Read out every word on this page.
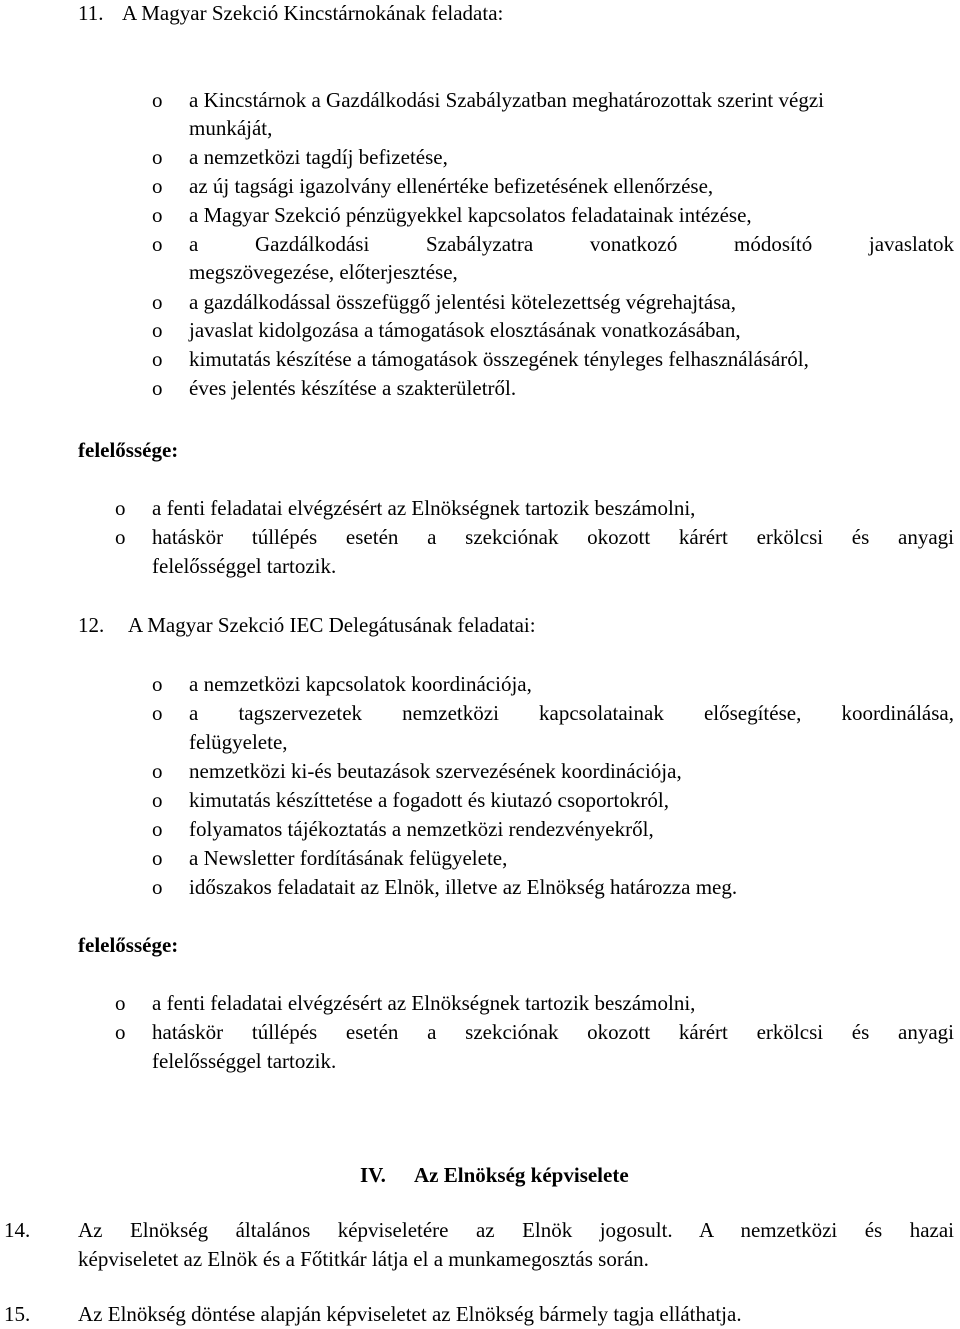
11. A Magyar Szekció Kincstárnokának feladata:
o a Kincstárnok a Gazdálkodási Szabályzatban meghatározottak szerint végzi
munkáját,
o a nemzetközi tagdíj befizetése,
o az új tagsági igazolvány ellenértéke befizetésének ellenőrzése,
o a Magyar Szekció pénzügyekkel kapcsolatos feladatainak intézése,
o a Gazdálkodási Szabályzatra vonatkozó módosító javaslatok
megszövegezése, előterjesztése,
o a gazdálkodással összefüggő jelentési kötelezettség végrehajtása,
o javaslat kidolgozása a támogatások elosztásának vonatkozásában,
o kimutatás készítése a támogatások összegének tényleges felhasználásáról,
o éves jelentés készítése a szakterületről.
felelőssége:
o a fenti feladatai elvégzésért az Elnökségnek tartozik beszámolni,
o hatáskör túllépés esetén a szekciónak okozott kárért erkölcsi és anyagi
felelősséggel tartozik.
12. A Magyar Szekció IEC Delegátusának feladatai:
o a nemzetközi kapcsolatok koordinációja,
o a tagszervezetek nemzetközi kapcsolatainak elősegítése, koordinálása,
felügyelete,
o nemzetközi ki-és beutazások szervezésének koordinációja,
o kimutatás készíttetése a fogadott és kiutazó csoportokról,
o folyamatos tájékoztatás a nemzetközi rendezvényekről,
o a Newsletter fordításának felügyelete,
o időszakos feladatait az Elnök, illetve az Elnökség határozza meg.
felelőssége:
o a fenti feladatai elvégzésért az Elnökségnek tartozik beszámolni,
o hatáskör túllépés esetén a szekciónak okozott kárért erkölcsi és anyagi
felelősséggel tartozik.
IV. Az Elnökség képviselete
14. Az Elnökség általános képviseletére az Elnök jogosult. A nemzetközi és hazai
képviseletet az Elnök és a Főtitkár látja el a munkamegosztás során.
15. Az Elnökség döntése alapján képviseletet az Elnökség bármely tagja elláthatja.
